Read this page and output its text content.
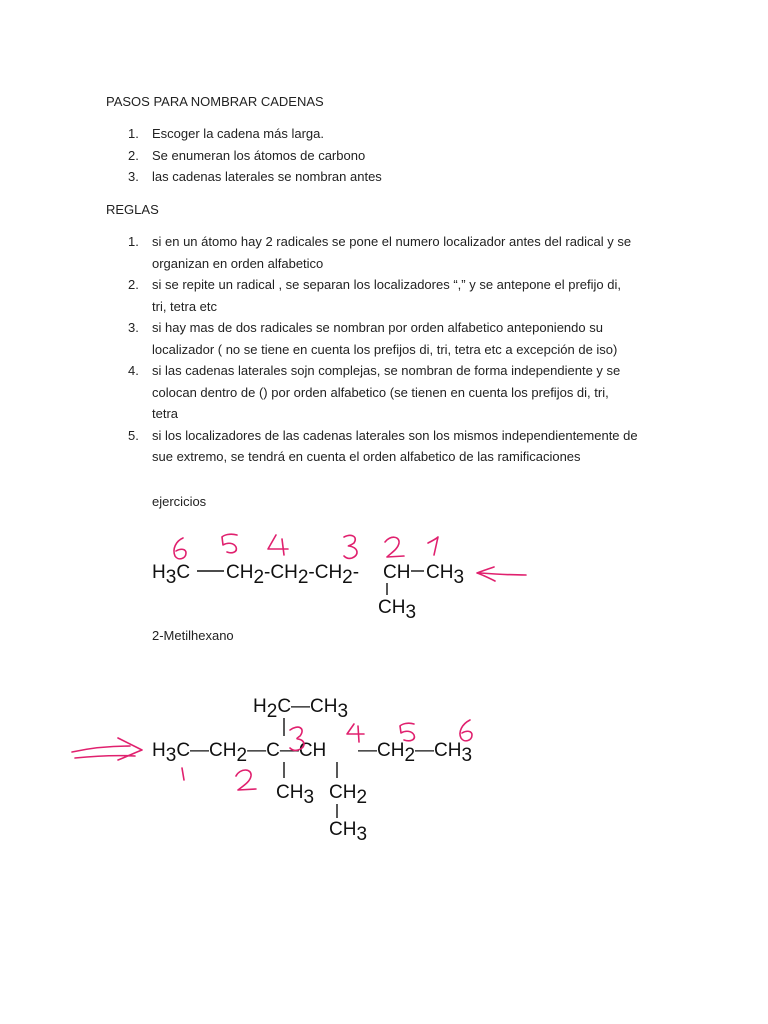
PASOS PARA NOMBRAR CADENAS
1. Escoger la cadena más larga.
2. Se enumeran los átomos de carbono
3. las cadenas laterales se nombran antes
REGLAS
1. si en un átomo hay 2 radicales se pone el numero localizador antes del radical y se
organizan en orden alfabetico
2. si se repite un radical , se separan los localizadores “,” y se antepone el prefijo di,
tri, tetra etc
3. si hay mas de dos radicales se nombran por orden alfabetico anteponiendo su
localizador ( no se tiene en cuenta los prefijos di, tri, tetra etc a excepción de iso)
4. si las cadenas laterales sojn complejas, se nombran de forma independiente y se
colocan dentro de () por orden alfabetico (se tienen en cuenta los prefijos di, tri,
tetra
5. si los localizadores de las cadenas laterales son los mismos independientemente de
sue extremo, se tendrá en cuenta el orden alfabetico de las ramificaciones
ejercicios
H3C CH2-CH2-CH2- CH CH3
CH3
2-Metilhexano
H2C—CH3
H3C—CH2—C—CH —CH2—CH3
CH3 CH2
CH3
